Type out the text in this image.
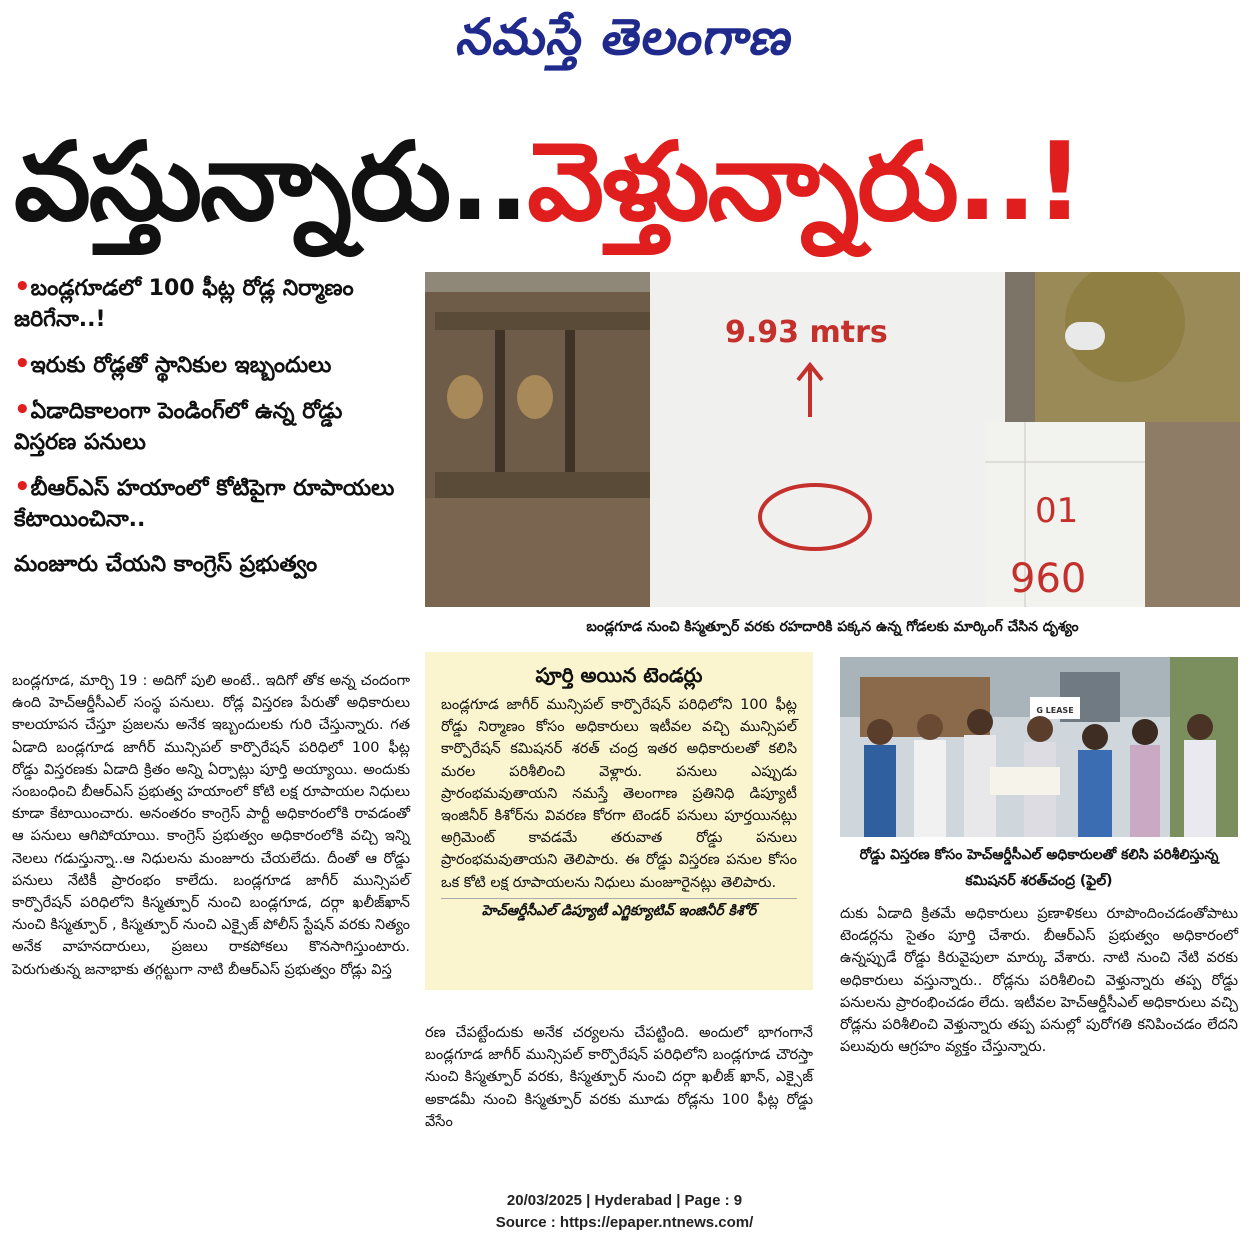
నమస్తే తెలంగాణ
వస్తున్నారు..వెళ్తున్నారు..!
•బండ్లగూడలో 100 ఫీట్ల రోడ్ల నిర్మాణం జరిగేనా..!
•ఇరుకు రోడ్లతో స్థానికుల ఇబ్బందులు
•ఏడాదికాలంగా పెండింగ్‌లో ఉన్న రోడ్డు విస్తరణ పనులు
•బీఆర్ఎస్ హయాంలో కోటిపైగా రూపాయలు కేటాయించినా..
మంజూరు చేయని కాంగ్రెస్ ప్రభుత్వం
9.93 mtrs
01
960
బండ్లగూడ నుంచి కిస్మత్పూర్ వరకు రహదారికి పక్కన ఉన్న గోడలకు మార్కింగ్ చేసిన దృశ్యం
బండ్లగూడ, మార్చి 19 : అదిగో పులి అంటే.. ఇదిగో తోక అన్న చందంగా ఉంది హెచ్ఆర్డీసీఎల్ సంస్థ పనులు. రోడ్ల విస్తరణ పేరుతో అధికారులు కాలయాపన చేస్తూ ప్రజలను అనేక ఇబ్బందులకు గురి చేస్తున్నారు. గత ఏడాది బండ్లగూడ జాగీర్ మున్సిపల్ కార్పొరేషన్ పరిధిలో 100 ఫీట్ల రోడ్డు విస్తరణకు ఏడాది క్రితం అన్ని ఏర్పాట్లు పూర్తి అయ్యాయి. అందుకు సంబంధించి బీఆర్ఎస్ ప్రభుత్వ హయాంలో కోటి లక్ష రూపాయల నిధులు కూడా కేటాయించారు. అనంతరం కాంగ్రెస్ పార్టీ అధికారంలోకి రావడంతో ఆ పనులు ఆగిపోయాయి. కాంగ్రెస్ ప్రభుత్వం అధికారంలోకి వచ్చి ఇన్ని నెలలు గడుస్తున్నా..ఆ నిధులను మంజూరు చేయలేదు. దీంతో ఆ రోడ్డు పనులు నేటికీ ప్రారంభం కాలేదు. బండ్లగూడ జాగీర్ మున్సిపల్ కార్పొరేషన్ పరిధిలోని కిస్మత్పూర్ నుంచి బండ్లగూడ, దర్గా ఖలీజ్‌ఖాన్ నుంచి కిస్మత్పూర్ , కిస్మత్పూర్ నుంచి ఎక్సైజ్ పోలీస్ స్టేషన్ వరకు నిత్యం అనేక వాహనదారులు, ప్రజలు రాకపోకలు కొనసాగిస్తుంటారు. పెరుగుతున్న జనాభాకు తగ్గట్టుగా నాటి బీఆర్ఎస్ ప్రభుత్వం రోడ్లు విస్త
పూర్తి అయిన టెండర్లు
బండ్లగూడ జాగీర్ మున్సిపల్ కార్పొరేషన్ పరిధిలోని 100 ఫీట్ల రోడ్డు నిర్మాణం కోసం అధికారులు ఇటీవల వచ్చి మున్సిపల్ కార్పొరేషన్ కమిషనర్ శరత్ చంద్ర ఇతర అధికారులతో కలిసి మరల పరిశీలించి వెళ్లారు. పనులు ఎప్పుడు ప్రారంభమవుతాయని నమస్తే తెలంగాణ ప్రతినిధి డిప్యూటీ ఇంజినీర్ కిశోర్‌ను వివరణ కోరగా టెండర్ పనులు పూర్తయినట్లు అగ్రిమెంట్ కావడమే తరువాత రోడ్డు పనులు ప్రారంభమవుతాయని తెలిపారు. ఈ రోడ్డు విస్తరణ పనుల కోసం ఒక కోటి లక్ష రూపాయలను నిధులు మంజూరైనట్లు తెలిపారు.
హెచ్ఆర్డీసీఎల్ డిప్యూటీ ఎగ్జిక్యూటివ్ ఇంజినీర్ కిశోర్
రణ చేపట్టేందుకు అనేక చర్యలను చేపట్టింది. అందులో భాగంగానే బండ్లగూడ జాగీర్ మున్సిపల్ కార్పొరేషన్ పరిధిలోని బండ్లగూడ చౌరస్తా నుంచి కిస్మత్పూర్ వరకు, కిస్మత్పూర్ నుంచి దర్గా ఖలీజ్ ఖాన్, ఎక్సైజ్ అకాడమీ నుంచి కిస్మత్పూర్ వరకు మూడు రోడ్లను 100 ఫీట్ల రోడ్డు వేసేం
G LEASE
రోడ్డు విస్తరణ కోసం హెచ్ఆర్డీసీఎల్ అధికారులతో కలిసి పరిశీలిస్తున్న కమిషనర్ శరత్‌చంద్ర (ఫైల్)
దుకు ఏడాది క్రితమే అధికారులు ప్రణాళికలు రూపొందించడంతోపాటు టెండర్లను సైతం పూర్తి చేశారు. బీఆర్ఎస్ ప్రభుత్వం అధికారంలో ఉన్నప్పుడే రోడ్డు కిరువైపులా మార్కు వేశారు. నాటి నుంచి నేటి వరకు అధికారులు వస్తున్నారు.. రోడ్లను పరిశీలించి వెళ్తున్నారు తప్ప రోడ్డు పనులను ప్రారంభించడం లేదు. ఇటీవల హెచ్ఆర్డీసీఎల్ అధికారులు వచ్చి రోడ్లను పరిశీలించి వెళ్తున్నారు తప్ప పనుల్లో పురోగతి కనిపించడం లేదని పలువురు ఆగ్రహం వ్యక్తం చేస్తున్నారు.
20/03/2025 | Hyderabad | Page : 9
Source : https://epaper.ntnews.com/
